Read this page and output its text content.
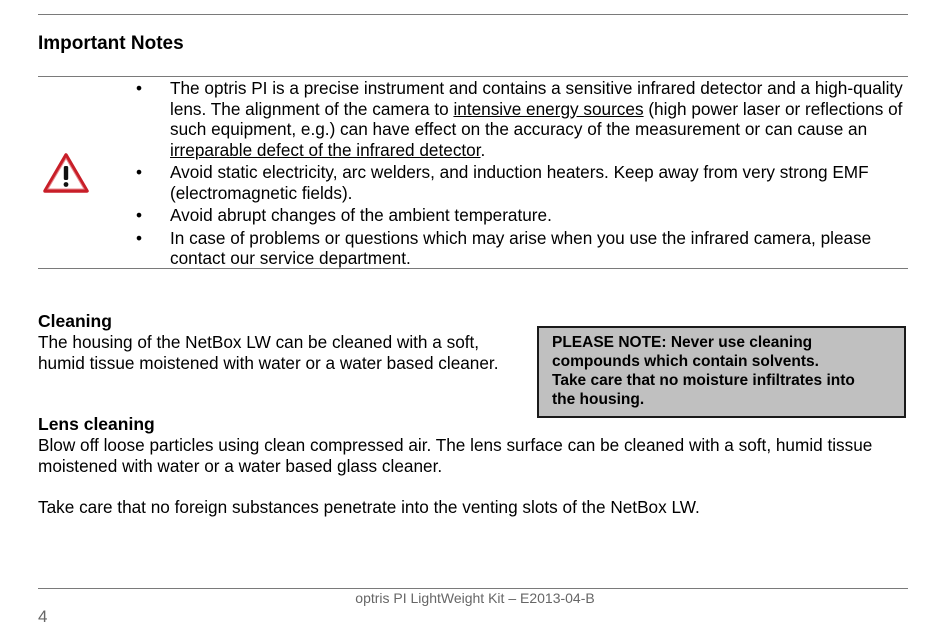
Important Notes
• The optris PI is a precise instrument and contains a sensitive infrared detector and a high-quality lens. The alignment of the camera to intensive energy sources (high power laser or reflections of such equipment, e.g.) can have effect on the accuracy of the measurement or can cause an irreparable defect of the infrared detector.
• Avoid static electricity, arc welders, and induction heaters. Keep away from very strong EMF (electromagnetic fields).
• Avoid abrupt changes of the ambient temperature.
• In case of problems or questions which may arise when you use the infrared camera, please contact our service department.
Cleaning

The housing of the NetBox LW can be cleaned with a soft, humid tissue moistened with water or a water based cleaner.

PLEASE NOTE: Never use cleaning
compounds which contain solvents.
Take care that no moisture infiltrates into
the housing.
Lens cleaning

Blow off loose particles using clean compressed air. The lens surface can be cleaned with a soft, humid tissue moistened with water or a water based glass cleaner.

Take care that no foreign substances penetrate into the venting slots of the NetBox LW.

optris PI LightWeight Kit – E2013-04-B
4
